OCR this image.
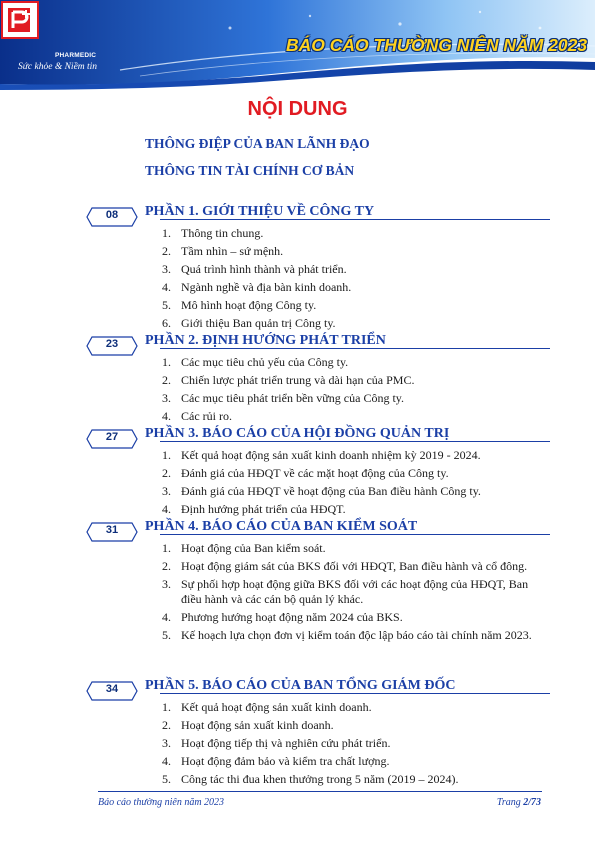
PHARMEDIC
Sức khỏe & Niềm tin
BÁO CÁO THƯỜNG NIÊN NĂM 2023
NỘI DUNG
THÔNG ĐIỆP CỦA BAN LÃNH ĐẠO
THÔNG TIN TÀI CHÍNH CƠ BẢN
08	PHẦN 1. GIỚI THIỆU VỀ CÔNG TY
1. Thông tin chung.
2. Tầm nhìn – sứ mệnh.
3. Quá trình hình thành và phát triển.
4. Ngành nghề và địa bàn kinh doanh.
5. Mô hình hoạt động Công ty.
6. Giới thiệu Ban quản trị Công ty.
23	PHẦN 2. ĐỊNH HƯỚNG PHÁT TRIỂN
1. Các mục tiêu chủ yếu của Công ty.
2. Chiến lược phát triển trung và dài hạn của PMC.
3. Các mục tiêu phát triển bền vững của Công ty.
4. Các rủi ro.
27	PHẦN 3. BÁO CÁO CỦA HỘI ĐỒNG QUẢN TRỊ
1. Kết quả hoạt động sản xuất kinh doanh nhiệm kỳ 2019 - 2024.
2. Đánh giá của HĐQT về các mặt hoạt động của Công ty.
3. Đánh giá của HĐQT về hoạt động của Ban điều hành Công ty.
4. Định hướng phát triển của HĐQT.
31	PHẦN 4. BÁO CÁO CỦA BAN KIỂM SOÁT
1. Hoạt động của Ban kiểm soát.
2. Hoạt động giám sát của BKS đối với HĐQT, Ban điều hành và cổ đông.
3. Sự phối hợp hoạt động giữa BKS đối với các hoạt động của HĐQT, Ban điều hành và các cán bộ quản lý khác.
4. Phương hướng hoạt động năm 2024 của BKS.
5. Kế hoạch lựa chọn đơn vị kiểm toán độc lập báo cáo tài chính năm 2023.
34	PHẦN 5. BÁO CÁO CỦA BAN TỔNG GIÁM ĐỐC
1. Kết quả hoạt động sản xuất kinh doanh.
2. Hoạt động sản xuất kinh doanh.
3. Hoạt động tiếp thị và nghiên cứu phát triển.
4. Hoạt động đảm bảo và kiểm tra chất lượng.
5. Công tác thi đua khen thưởng trong 5 năm (2019 – 2024).
Báo cáo thường niên năm 2023	Trang 2/73
